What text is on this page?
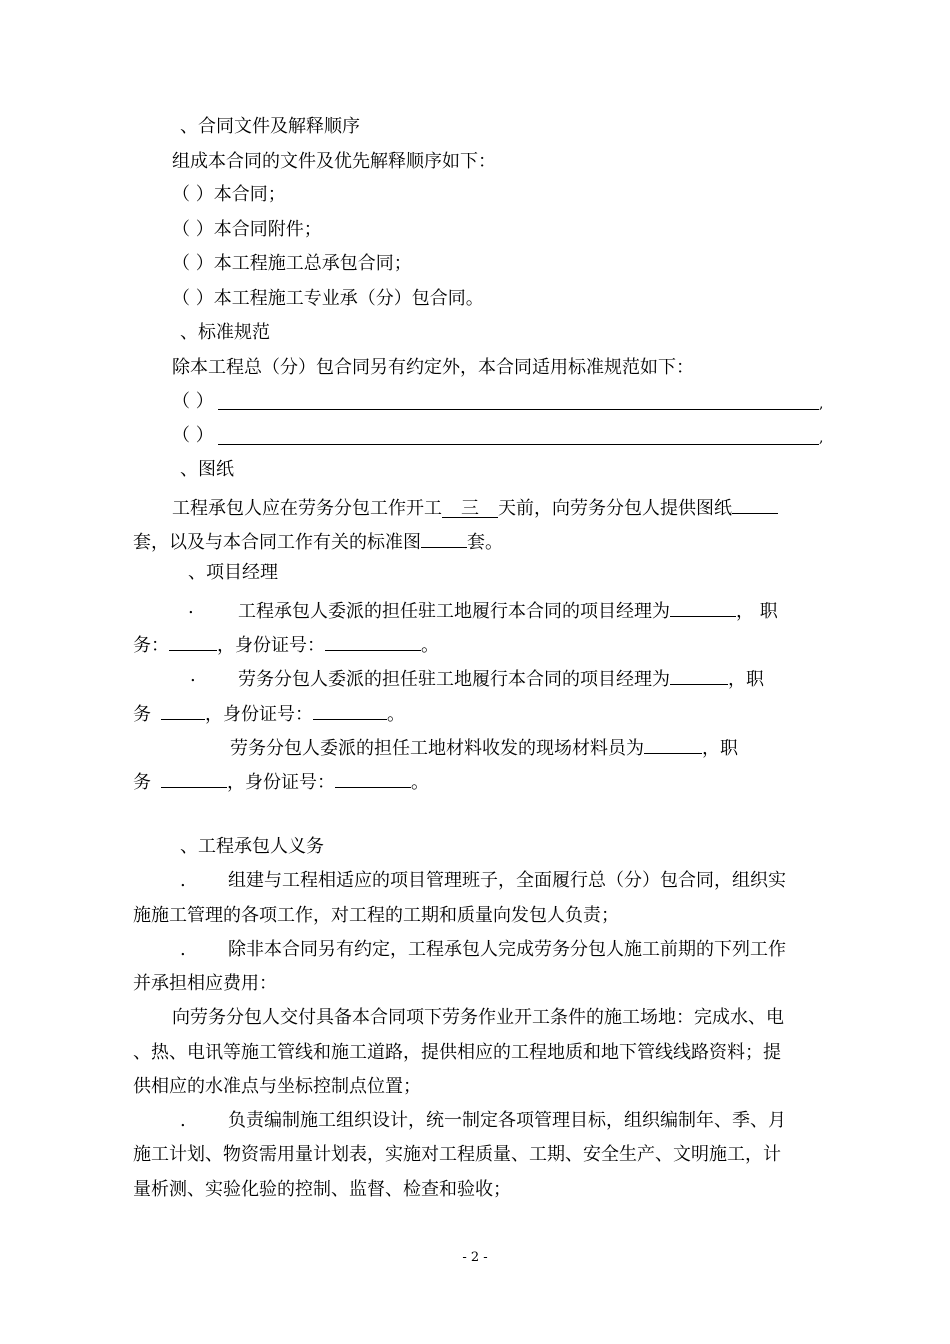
、合同文件及解释顺序
组成本合同的文件及优先解释顺序如下：
（ ）本合同；
（ ）本合同附件；
（ ）本工程施工总承包合同；
（ ）本工程施工专业承（分）包合同。
、标准规范
除本工程总（分）包合同另有约定外，本合同适用标准规范如下：
（ ）	,
（ ）	,
、图纸
工程承包人应在劳务分包工作开工 三 天前，向劳务分包人提供图纸
套，以及与本合同工作有关的标准图	套。
、项目经理
. 工程承包人委派的担任驻工地履行本合同的项目经理为	， 职
务：	，身份证号：	。
. 劳务分包人委派的担任驻工地履行本合同的项目经理为	，职
务	，身份证号：	。
劳务分包人委派的担任工地材料收发的现场材料员为	，职
务	，身份证号：	。
、工程承包人义务
. 组建与工程相适应的项目管理班子，全面履行总（分）包合同，组织实
施施工管理的各项工作，对工程的工期和质量向发包人负责；
. 除非本合同另有约定，工程承包人完成劳务分包人施工前期的下列工作
并承担相应费用：
向劳务分包人交付具备本合同项下劳务作业开工条件的施工场地：完成水、电
、热、电讯等施工管线和施工道路，提供相应的工程地质和地下管线线路资料；提
供相应的水准点与坐标控制点位置；
. 负责编制施工组织设计，统一制定各项管理目标，组织编制年、季、月
施工计划、物资需用量计划表，实施对工程质量、工期、安全生产、文明施工，计
量析测、实验化验的控制、监督、检查和验收；
- 2 -
